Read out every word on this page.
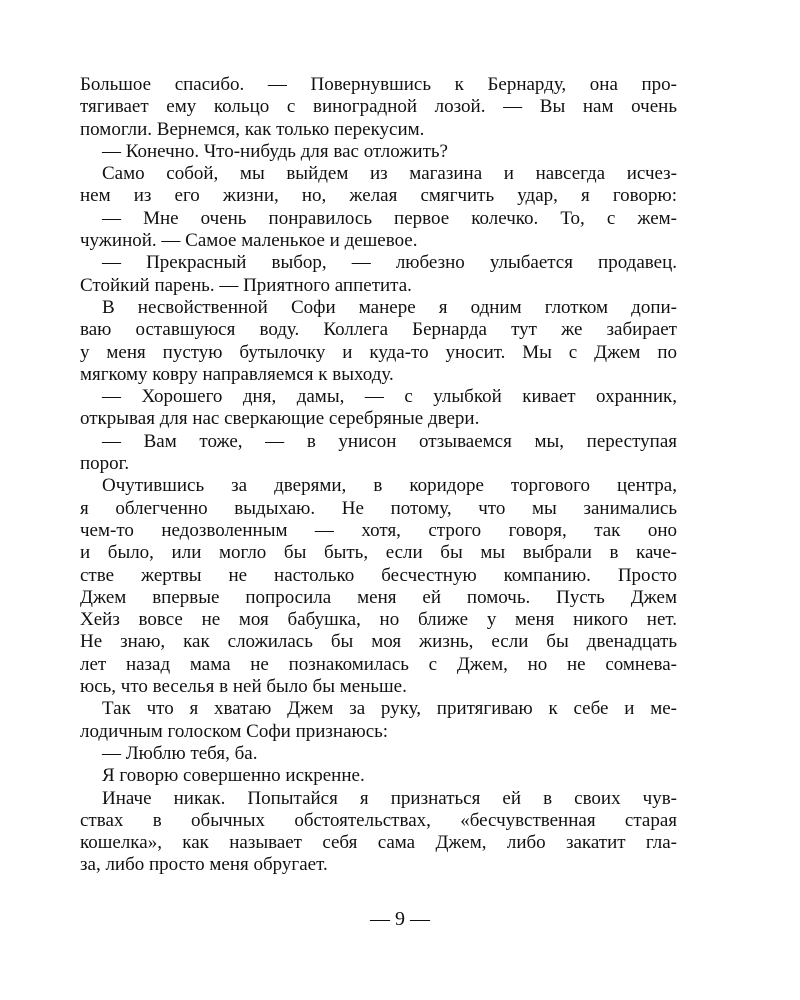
Большое спасибо. — Повернувшись к Бернарду, она про-
тягивает ему кольцо с виноградной лозой. — Вы нам очень
помогли. Вернемся, как только перекусим.
— Конечно. Что-нибудь для вас отложить?
Само собой, мы выйдем из магазина и навсегда исчез-
нем из его жизни, но, желая смягчить удар, я говорю:
— Мне очень понравилось первое колечко. То, с жем-
чужиной. — Самое маленькое и дешевое.
— Прекрасный выбор, — любезно улыбается продавец.
Стойкий парень. — Приятного аппетита.
В несвойственной Софи манере я одним глотком допи-
ваю оставшуюся воду. Коллега Бернарда тут же забирает
у меня пустую бутылочку и куда-то уносит. Мы с Джем по
мягкому ковру направляемся к выходу.
— Хорошего дня, дамы, — с улыбкой кивает охранник,
открывая для нас сверкающие серебряные двери.
— Вам тоже, — в унисон отзываемся мы, переступая
порог.
Очутившись за дверями, в коридоре торгового центра,
я облегченно выдыхаю. Не потому, что мы занимались
чем-то недозволенным — хотя, строго говоря, так оно
и было, или могло бы быть, если бы мы выбрали в каче-
стве жертвы не настолько бесчестную компанию. Просто
Джем впервые попросила меня ей помочь. Пусть Джем
Хейз вовсе не моя бабушка, но ближе у меня никого нет.
Не знаю, как сложилась бы моя жизнь, если бы двенадцать
лет назад мама не познакомилась с Джем, но не сомнева-
юсь, что веселья в ней было бы меньше.
Так что я хватаю Джем за руку, притягиваю к себе и ме-
лодичным голоском Софи признаюсь:
— Люблю тебя, ба.
Я говорю совершенно искренне.
Иначе никак. Попытайся я признаться ей в своих чув-
ствах в обычных обстоятельствах, «бесчувственная старая
кошелка», как называет себя сама Джем, либо закатит гла-
за, либо просто меня обругает.
— 9 —
